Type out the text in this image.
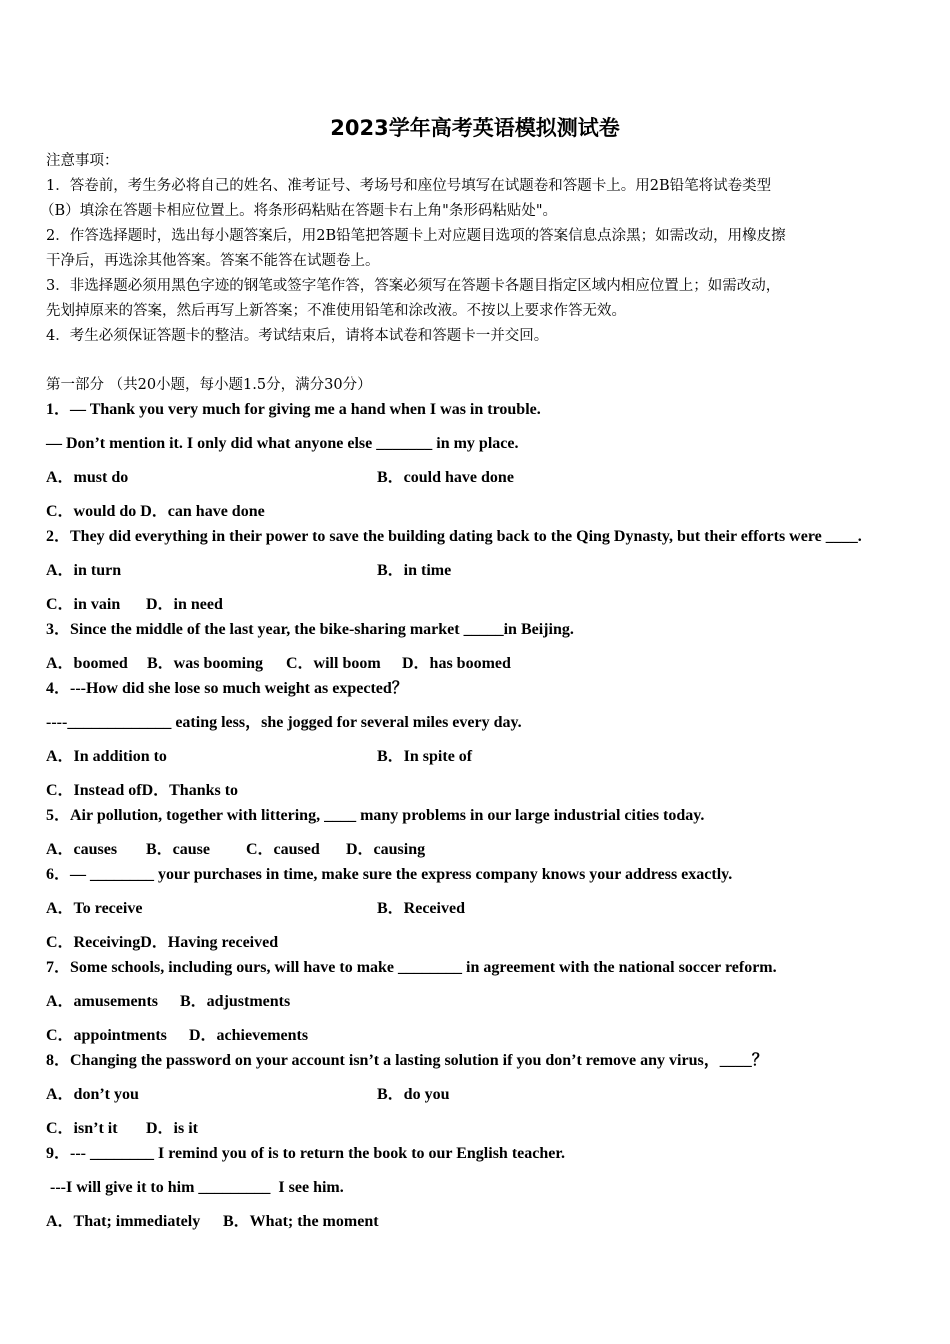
2023学年高考英语模拟测试卷
注意事项：
1．答卷前，考生务必将自己的姓名、准考证号、考场号和座位号填写在试题卷和答题卡上。用2B铅笔将试卷类型
（B）填涂在答题卡相应位置上。将条形码粘贴在答题卡右上角"条形码粘贴处"。
2．作答选择题时，选出每小题答案后，用2B铅笔把答题卡上对应题目选项的答案信息点涂黑；如需改动，用橡皮擦
干净后，再选涂其他答案。答案不能答在试题卷上。
3．非选择题必须用黑色字迹的钢笔或签字笔作答，答案必须写在答题卡各题目指定区域内相应位置上；如需改动，
先划掉原来的答案，然后再写上新答案；不准使用铅笔和涂改液。不按以上要求作答无效。
4．考生必须保证答题卡的整洁。考试结束后，请将本试卷和答题卡一并交回。
第一部分 （共20小题，每小题1.5分，满分30分）
1．— Thank you very much for giving me a hand when I was in trouble.
— Don’t mention it. I only did what anyone else _______ in my place.
A．must do	B．could have done
C．would do D．can have done
2．They did everything in their power to save the building dating back to the Qing Dynasty, but their efforts were ____.
A．in turn	B．in time
C．in vain D．in need
3．Since the middle of the last year, the bike-sharing market _____in Beijing.
A．boomed B．was booming C．will boom D．has boomed
4．---How did she lose so much weight as expected？
----_____________ eating less，she jogged for several miles every day.
A．In addition to	B．In spite of
C．Instead ofD．Thanks to
5．Air pollution, together with littering, ____ many problems in our large industrial cities today.
A．causes B．cause C．caused D．causing
6．— ________ your purchases in time, make sure the express company knows your address exactly.
A．To receive	B．Received
C．ReceivingD．Having received
7．Some schools, including ours, will have to make ________ in agreement with the national soccer reform.
A．amusements B．adjustments
C．appointments D．achievements
8．Changing the password on your account isn’t a lasting solution if you don’t remove any virus，____？
A．don’t you	B．do you
C．isn’t it D．is it
9．--- ________ I remind you of is to return the book to our English teacher.
---I will give it to him _________  I see him.
A．That; immediately B．What; the moment
